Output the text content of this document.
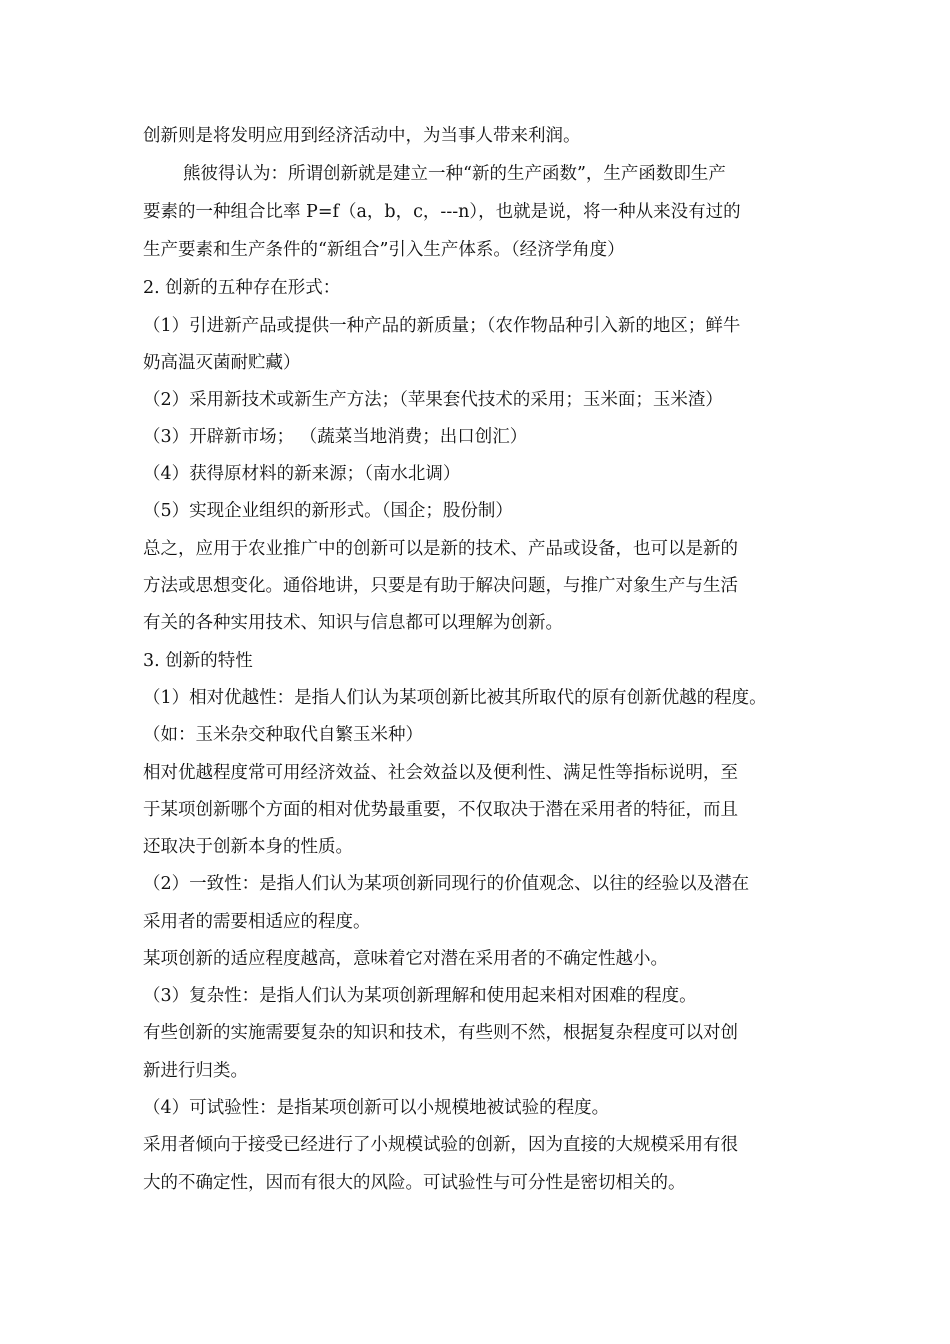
创新则是将发明应用到经济活动中，为当事人带来利润。
熊彼得认为：所谓创新就是建立一种“新的生产函数”，生产函数即生产
要素的一种组合比率 P=f（a，b，c，---n），也就是说，将一种从来没有过的
生产要素和生产条件的“新组合”引入生产体系。（经济学角度）
2. 创新的五种存在形式：
（1）引进新产品或提供一种产品的新质量；（农作物品种引入新的地区；鲜牛
奶高温灭菌耐贮藏）
（2）采用新技术或新生产方法；（苹果套代技术的采用；玉米面；玉米渣）
（3）开辟新市场； （蔬菜当地消费；出口创汇）
（4）获得原材料的新来源；（南水北调）
（5）实现企业组织的新形式。（国企；股份制）
总之，应用于农业推广中的创新可以是新的技术、产品或设备，也可以是新的
方法或思想变化。通俗地讲，只要是有助于解决问题，与推广对象生产与生活
有关的各种实用技术、知识与信息都可以理解为创新。
3. 创新的特性
（1）相对优越性：是指人们认为某项创新比被其所取代的原有创新优越的程度。
（如：玉米杂交种取代自繁玉米种）
相对优越程度常可用经济效益、社会效益以及便利性、满足性等指标说明，至
于某项创新哪个方面的相对优势最重要，不仅取决于潜在采用者的特征，而且
还取决于创新本身的性质。
（2）一致性：是指人们认为某项创新同现行的价值观念、以往的经验以及潜在
采用者的需要相适应的程度。
某项创新的适应程度越高，意味着它对潜在采用者的不确定性越小。
（3）复杂性：是指人们认为某项创新理解和使用起来相对困难的程度。
有些创新的实施需要复杂的知识和技术，有些则不然，根据复杂程度可以对创
新进行归类。
（4）可试验性：是指某项创新可以小规模地被试验的程度。
采用者倾向于接受已经进行了小规模试验的创新，因为直接的大规模采用有很
大的不确定性，因而有很大的风险。可试验性与可分性是密切相关的。
